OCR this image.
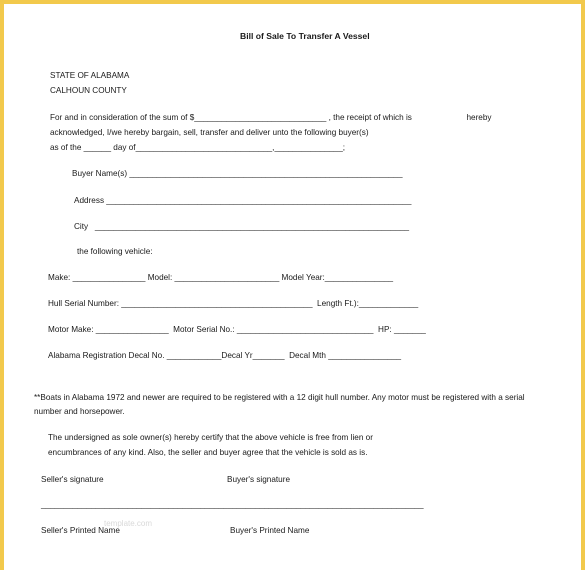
Bill of Sale To Transfer A Vessel
STATE OF ALABAMA
CALHOUN COUNTY
For and in consideration of the sum of $_____________________________ , the receipt of which is                        hereby
acknowledged, I/we hereby bargain, sell, transfer and deliver unto the following buyer(s)
as of the ______ day of______________________________,_______________;
Buyer Name(s) ____________________________________________________________
Address ___________________________________________________________________
City   _____________________________________________________________________
the following vehicle:
Make: ________________ Model: _______________________ Model Year:_______________
Hull Serial Number: __________________________________________  Length Ft.):_____________
Motor Make: ________________  Motor Serial No.: ______________________________  HP: _______
Alabama Registration Decal No. ____________Decal Yr_______  Decal Mth ________________
**Boats in Alabama 1972 and newer are required to be registered with a 12 digit hull number. Any motor must be registered with a serial
number and horsepower.
The undersigned as sole owner(s) hereby certify that the above vehicle is free from lien or
encumbrances of any kind. Also, the seller and buyer agree that the vehicle is sold as is.
Seller's signature	Buyer's signature
____________________________________________________________________________________
template.com
Seller's Printed Name	Buyer's Printed Name
